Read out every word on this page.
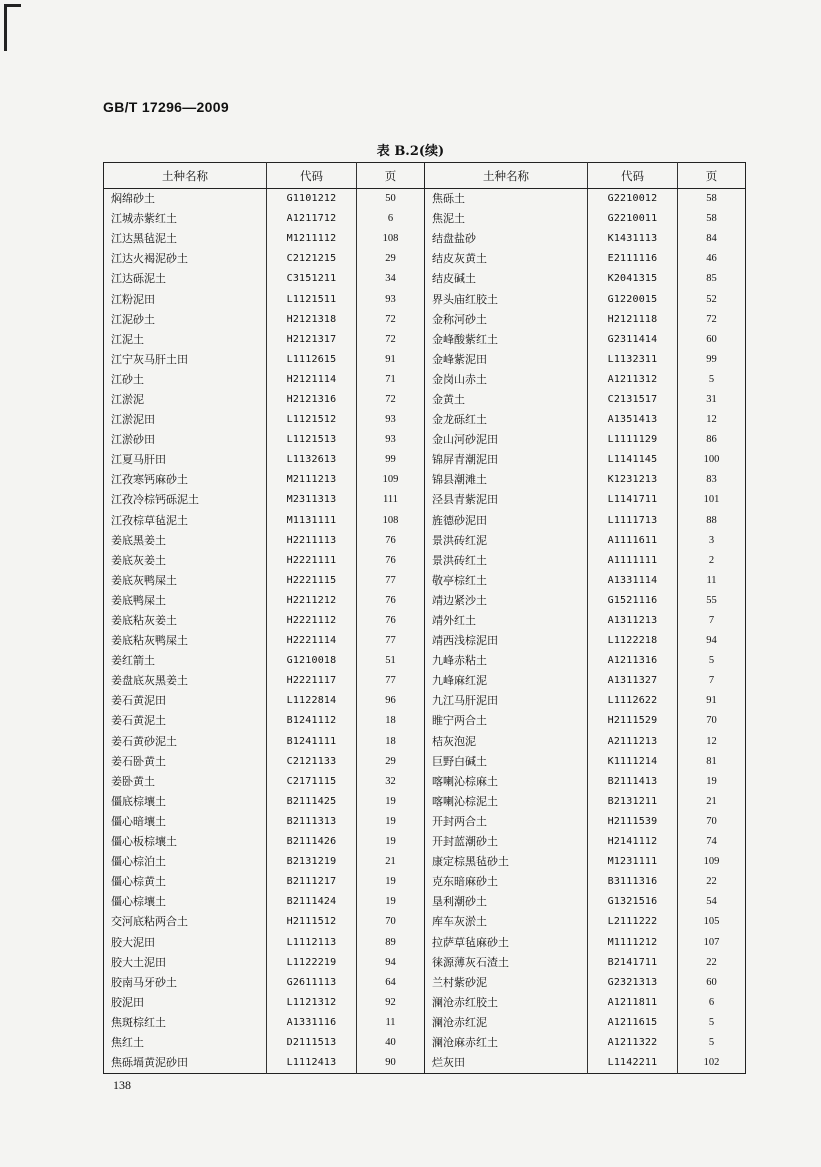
GB/T 17296—2009
表 B.2(续)
土种名称	代码	页	土种名称	代码	页
焖绵砂土	G1101212	50	焦砾土	G2210012	58
江城赤紫红土	A1211712	6	焦泥土	G2210011	58
江达黑毡泥土	M1211112	108	结盘盐砂	K1431113	84
江达火褐泥砂土	C2121215	29	结皮灰黄土	E2111116	46
江达砾泥土	C3151211	34	结皮碱土	K2041315	85
江粉泥田	L1121511	93	界头庙红胶土	G1220015	52
江泥砂土	H2121318	72	金称河砂土	H2121118	72
江泥土	H2121317	72	金峰酸紫红土	G2311414	60
江宁灰马肝土田	L1112615	91	金峰紫泥田	L1132311	99
江砂土	H2121114	71	金岗山赤土	A1211312	5
江淤泥	H2121316	72	金黄土	C2131517	31
江淤泥田	L1121512	93	金龙砾红土	A1351413	12
江淤砂田	L1121513	93	金山河砂泥田	L1111129	86
江夏马肝田	L1132613	99	锦屏青潮泥田	L1141145	100
江孜寒钙麻砂土	M2111213	109	锦县潮滩土	K1231213	83
江孜冷棕钙砾泥土	M2311313	111	泾县青紫泥田	L1141711	101
江孜棕草毡泥土	M1131111	108	旌德砂泥田	L1111713	88
姜底黑姜土	H2211113	76	景洪砖红泥	A1111611	3
姜底灰姜土	H2221111	76	景洪砖红土	A1111111	2
姜底灰鸭屎土	H2221115	77	敬亭棕红土	A1331114	11
姜底鸭屎土	H2211212	76	靖边紧沙土	G1521116	55
姜底粘灰姜土	H2221112	76	靖外红土	A1311213	7
姜底粘灰鸭屎土	H2221114	77	靖西浅棕泥田	L1122218	94
姜红箭土	G1210018	51	九峰赤粘土	A1211316	5
姜盘底灰黑姜土	H2221117	77	九峰麻红泥	A1311327	7
姜石黄泥田	L1122814	96	九江马肝泥田	L1112622	91
姜石黄泥土	B1241112	18	睢宁两合土	H2111529	70
姜石黄砂泥土	B1241111	18	桔灰泡泥	A2111213	12
姜石卧黄土	C2121133	29	巨野白碱土	K1111214	81
姜卧黄土	C2171115	32	喀喇沁棕麻土	B2111413	19
僵底棕壤土	B2111425	19	喀喇沁棕泥土	B2131211	21
僵心暗壤土	B2111313	19	开封两合土	H2111539	70
僵心板棕壤土	B2111426	19	开封蓝潮砂土	H2141112	74
僵心棕泊土	B2131219	21	康定棕黑毡砂土	M1231111	109
僵心棕黄土	B2111217	19	克东暗麻砂土	B3111316	22
僵心棕壤土	B2111424	19	垦利潮砂土	G1321516	54
交河底粘两合土	H2111512	70	库车灰淤土	L2111222	105
胶大泥田	L1112113	89	拉萨草毡麻砂土	M1111212	107
胶大土泥田	L1122219	94	徕源薄灰石渣土	B2141711	22
胶南马牙砂土	G2611113	64	兰村紫砂泥	G2321313	60
胶泥田	L1121312	92	澜沧赤红胶土	A1211811	6
焦斑棕红土	A1331116	11	澜沧赤红泥	A1211615	5
焦红土	D2111513	40	澜沧麻赤红土	A1211322	5
焦砾塥黄泥砂田	L1112413	90	烂灰田	L1142211	102
138
